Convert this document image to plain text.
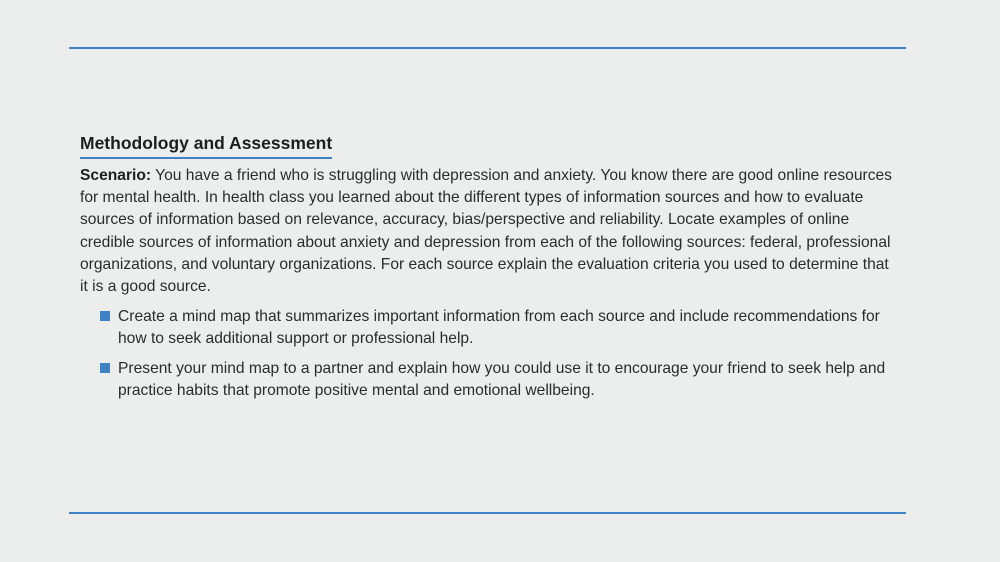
Methodology and Assessment

Scenario: You have a friend who is struggling with depression and anxiety. You know there are good online resources for mental health. In health class you learned about the different types of information sources and how to evaluate sources of information based on relevance, accuracy, bias/perspective and reliability. Locate examples of online credible sources of information about anxiety and depression from each of the following sources: federal, professional organizations, and voluntary organizations. For each source explain the evaluation criteria you used to determine that it is a good source.

Create a mind map that summarizes important information from each source and include recommendations for how to seek additional support or professional help.
Present your mind map to a partner and explain how you could use it to encourage your friend to seek help and practice habits that promote positive mental and emotional wellbeing.
